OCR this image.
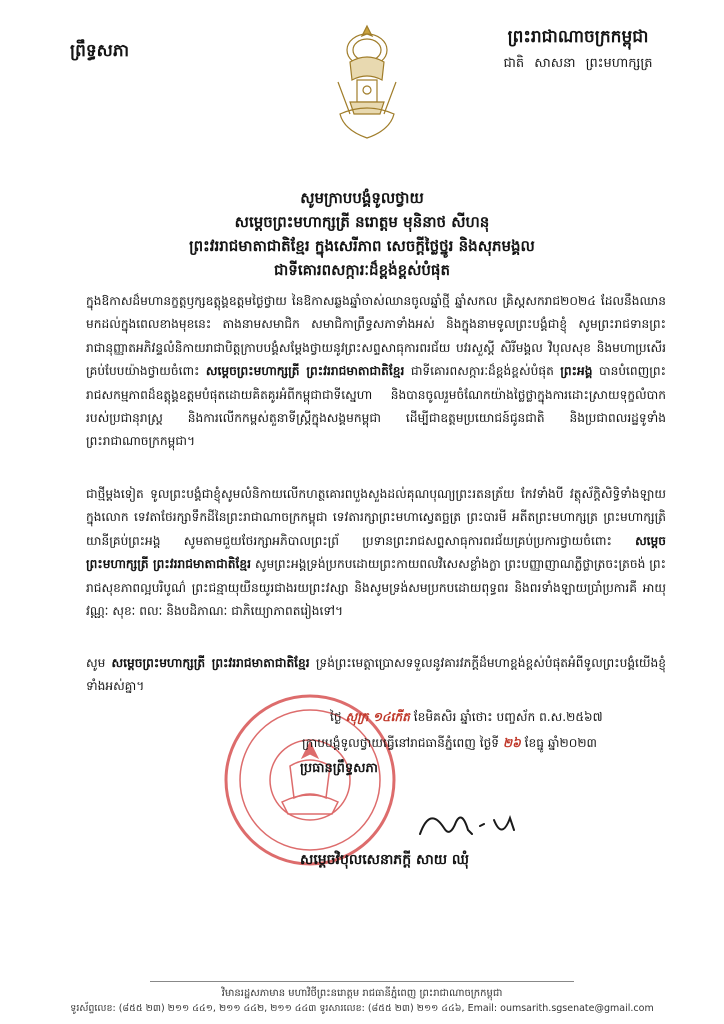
ព្រឹទ្ធសភា
ព្រះរាជាណាចក្រកម្ពុជា
ជាតិ សាសនា ព្រះមហាក្សត្រ
សូមក្រាបបង្គំទូលថ្វាយ
សម្ដេចព្រះមហាក្សត្រី នរោត្តម មុនិនាថ សីហនុ
ព្រះវររាជមាតាជាតិខ្មែរ ក្នុងសេរីភាព សេចក្ដីថ្លៃថ្នូរ និងសុភមង្គល
ជាទីគោរពសក្ការៈដ៏ខ្ពង់ខ្ពស់បំផុត
ក្នុងឱកាសដ៏មហានក្ខត្តឫក្សឧត្ដុង្គឧត្ដមថ្ងៃថ្វាយ នៃឱកាសឆ្លងឆ្នាំចាស់ឈានចូលឆ្នាំថ្មី ឆ្នាំសកល គ្រិស្តសករាជ២០២៤ ដែលនឹងឈានមកដល់ក្នុងពេលខាងមុខនេះ តាងនាមសមាជិក សមាជិកាព្រឹទ្ធសភាទាំងអស់ និងក្នុងនាមទូលព្រះបង្គំជាខ្ញុំ សូមព្រះរាជទានព្រះរាជានុញ្ញាតអភិវន្ទលំនិកាយរាជាបិត្តក្រាបបង្គំសម្ដែងថ្វាយនូវព្រះសព្ទសាធុការពរជ័យ បវរសួស្ដី សិរីមង្គល វិបុលសុខ និងមហាប្រសើរគ្រប់បែបយ៉ាងថ្វាយចំពោះ សម្ដេចព្រះមហាក្សត្រី ព្រះវររាជមាតាជាតិខ្មែរ ជាទីគោរពសក្ការៈដ៏ខ្ពង់ខ្ពស់បំផុត ព្រះអង្គ បានបំពេញព្រះរាជសកម្មភាពដ៏ឧត្ដុង្គឧត្ដមបំផុតដោយគិតគូរអំពីកម្ពុជាជាទីស្នេហា និងបានចូលរួមចំណែកយ៉ាងថ្លៃថ្លាក្នុងការដោះស្រាយទុក្ខលំបាករបស់ប្រជានុរាស្ត្រ និងការលើកកម្ពស់តួនាទីស្ត្រីក្នុងសង្គមកម្ពុជា ដើម្បីជាឧត្តមប្រយោជន៍ជូនជាតិ និងប្រជាពលរដ្ឋទូទាំងព្រះរាជាណាចក្រកម្ពុជា។
ជាថ្មីម្ដងទៀត ទូលព្រះបង្គំជាខ្ញុំសូមលំនិកាយលើកហត្ថគោរពបួងសួងដល់គុណបុណ្យព្រះរតនត្រ័យ កែវទាំងបី វត្ថុស័ក្ដិសិទ្ធិទាំងឡាយក្នុងលោក ទេវតាថែរក្សាទឹកដីនៃព្រះរាជាណាចក្រកម្ពុជា ទេវតារក្សាព្រះមហាស្វេតច្ឆត្រ ព្រះបារមី អតីតព្រះមហាក្សត្រ ព្រះមហាក្សត្រិយានីគ្រប់ព្រះអង្គ សូមតាមជួយថែរក្សាអភិបាលព្រះព្រ័ ប្រទានព្រះរាជសព្ទសាធុការពរជ័យគ្រប់ប្រការថ្វាយចំពោះ សម្ដេចព្រះមហាក្សត្រី ព្រះវររាជមាតាជាតិខ្មែរ សូមព្រះអង្គទ្រង់ប្រកបដោយព្រះកាយពលវិសេសខ្លាំងក្លា ព្រះបញ្ញាញាណភ្លឺថ្លាត្រចះត្រចង់ ព្រះរាជសុខភាពល្អបរិបូណ៌ ព្រះជន្មាយុយឺនយូរជាងរយព្រះវស្សា និងសូមទ្រង់សមប្រកបដោយពុទ្ធពរ និងពរទាំងឡាយប្រាំប្រការគឺ អាយុ វណ្ណៈ សុខៈ ពលៈ និងបដិភាណៈ ជាភិយ្យោភាពតរៀងទៅ។
សូម សម្ដេចព្រះមហាក្សត្រី ព្រះវររាជមាតាជាតិខ្មែរ ទ្រង់ព្រះមេត្តាប្រោសទទួលនូវគារវភក្ដីដ៏មហាខ្ពង់ខ្ពស់បំផុតអំពីទូលព្រះបង្គំយើងខ្ញុំទាំងអស់គ្នា។
ថ្ងៃ សុក្រ ១៤កើត ខែមិគសិរ ឆ្នាំថោះ បញ្ចស័ក ព.ស.២៥៦៧
ក្រាបបង្គំទូលថ្វាយធ្វើនៅរាជធានីភ្នំពេញ ថ្ងៃទី ២៦ ខែធ្នូ ឆ្នាំ២០២៣
ប្រធានព្រឹទ្ធសភា
សម្ដេចវិបុលសេនាភក្ដី សាយ ឈុំ
វិមានរដ្ឋសភាមាន មហាវិថីព្រះនរោត្តម រាជធានីភ្នំពេញ ព្រះរាជាណាចក្រកម្ពុជា
ទូរស័ព្ទលេខ: (៨៥៥ ២៣) ២១១ ៤៤១, ២១១ ៤៤២, ២១១ ៤៤៣ ទូរសារលេខ: (៨៥៥ ២៣) ២១១ ៤៤៦, Email: oumsarith.sgsenate@gmail.com
